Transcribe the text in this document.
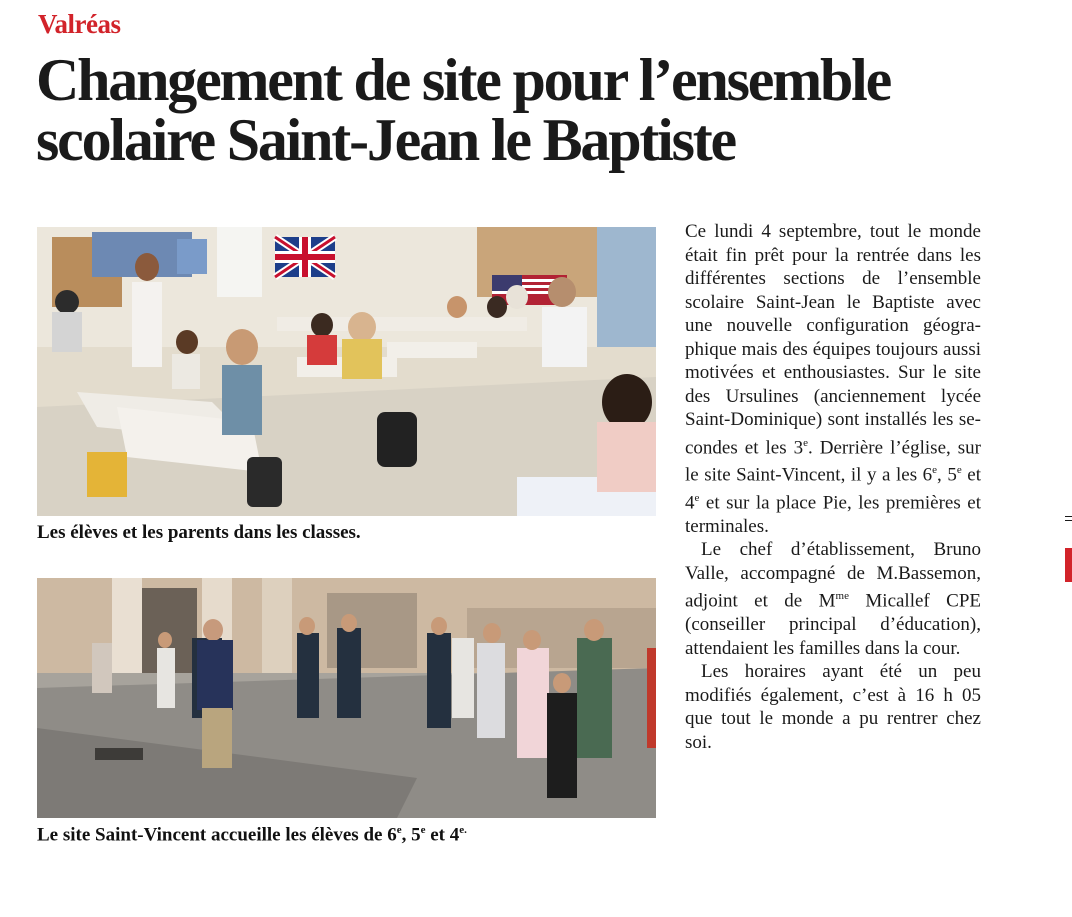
Valréas
Changement de site pour l’ensemble
scolaire Saint-Jean le Baptiste
Les élèves et les parents dans les classes.
Le site Saint-Vincent accueille les élèves de 6e, 5e et $4^{e.}$

Ce lundi 4 septembre, tout le monde était fin prêt pour la rentrée dans les différentes sections de l’ensemble scolaire Saint-Jean le Baptiste avec une nouvelle configuration géographique mais des équipes toujours aussi motivées et enthousiastes. Sur le site des Ursulines (anciennement lycée Saint-Dominique) sont installés les secondes et les 3e. Derrière l’église, sur le site Saint-Vincent, il y a les 6e, 5e et 4e et sur la place Pie, les premières et terminales.

Le chef d’établissement, Bruno Valle, accompagné de M.Bassemon, adjoint et de $M^{me}$ Micallef CPE (conseiller principal d’éducation), attendaient les familles dans la cour.

Les horaires ayant été un peu modifiés également, c’est à 16 h 05 que tout le monde a pu rentrer chez soi.
